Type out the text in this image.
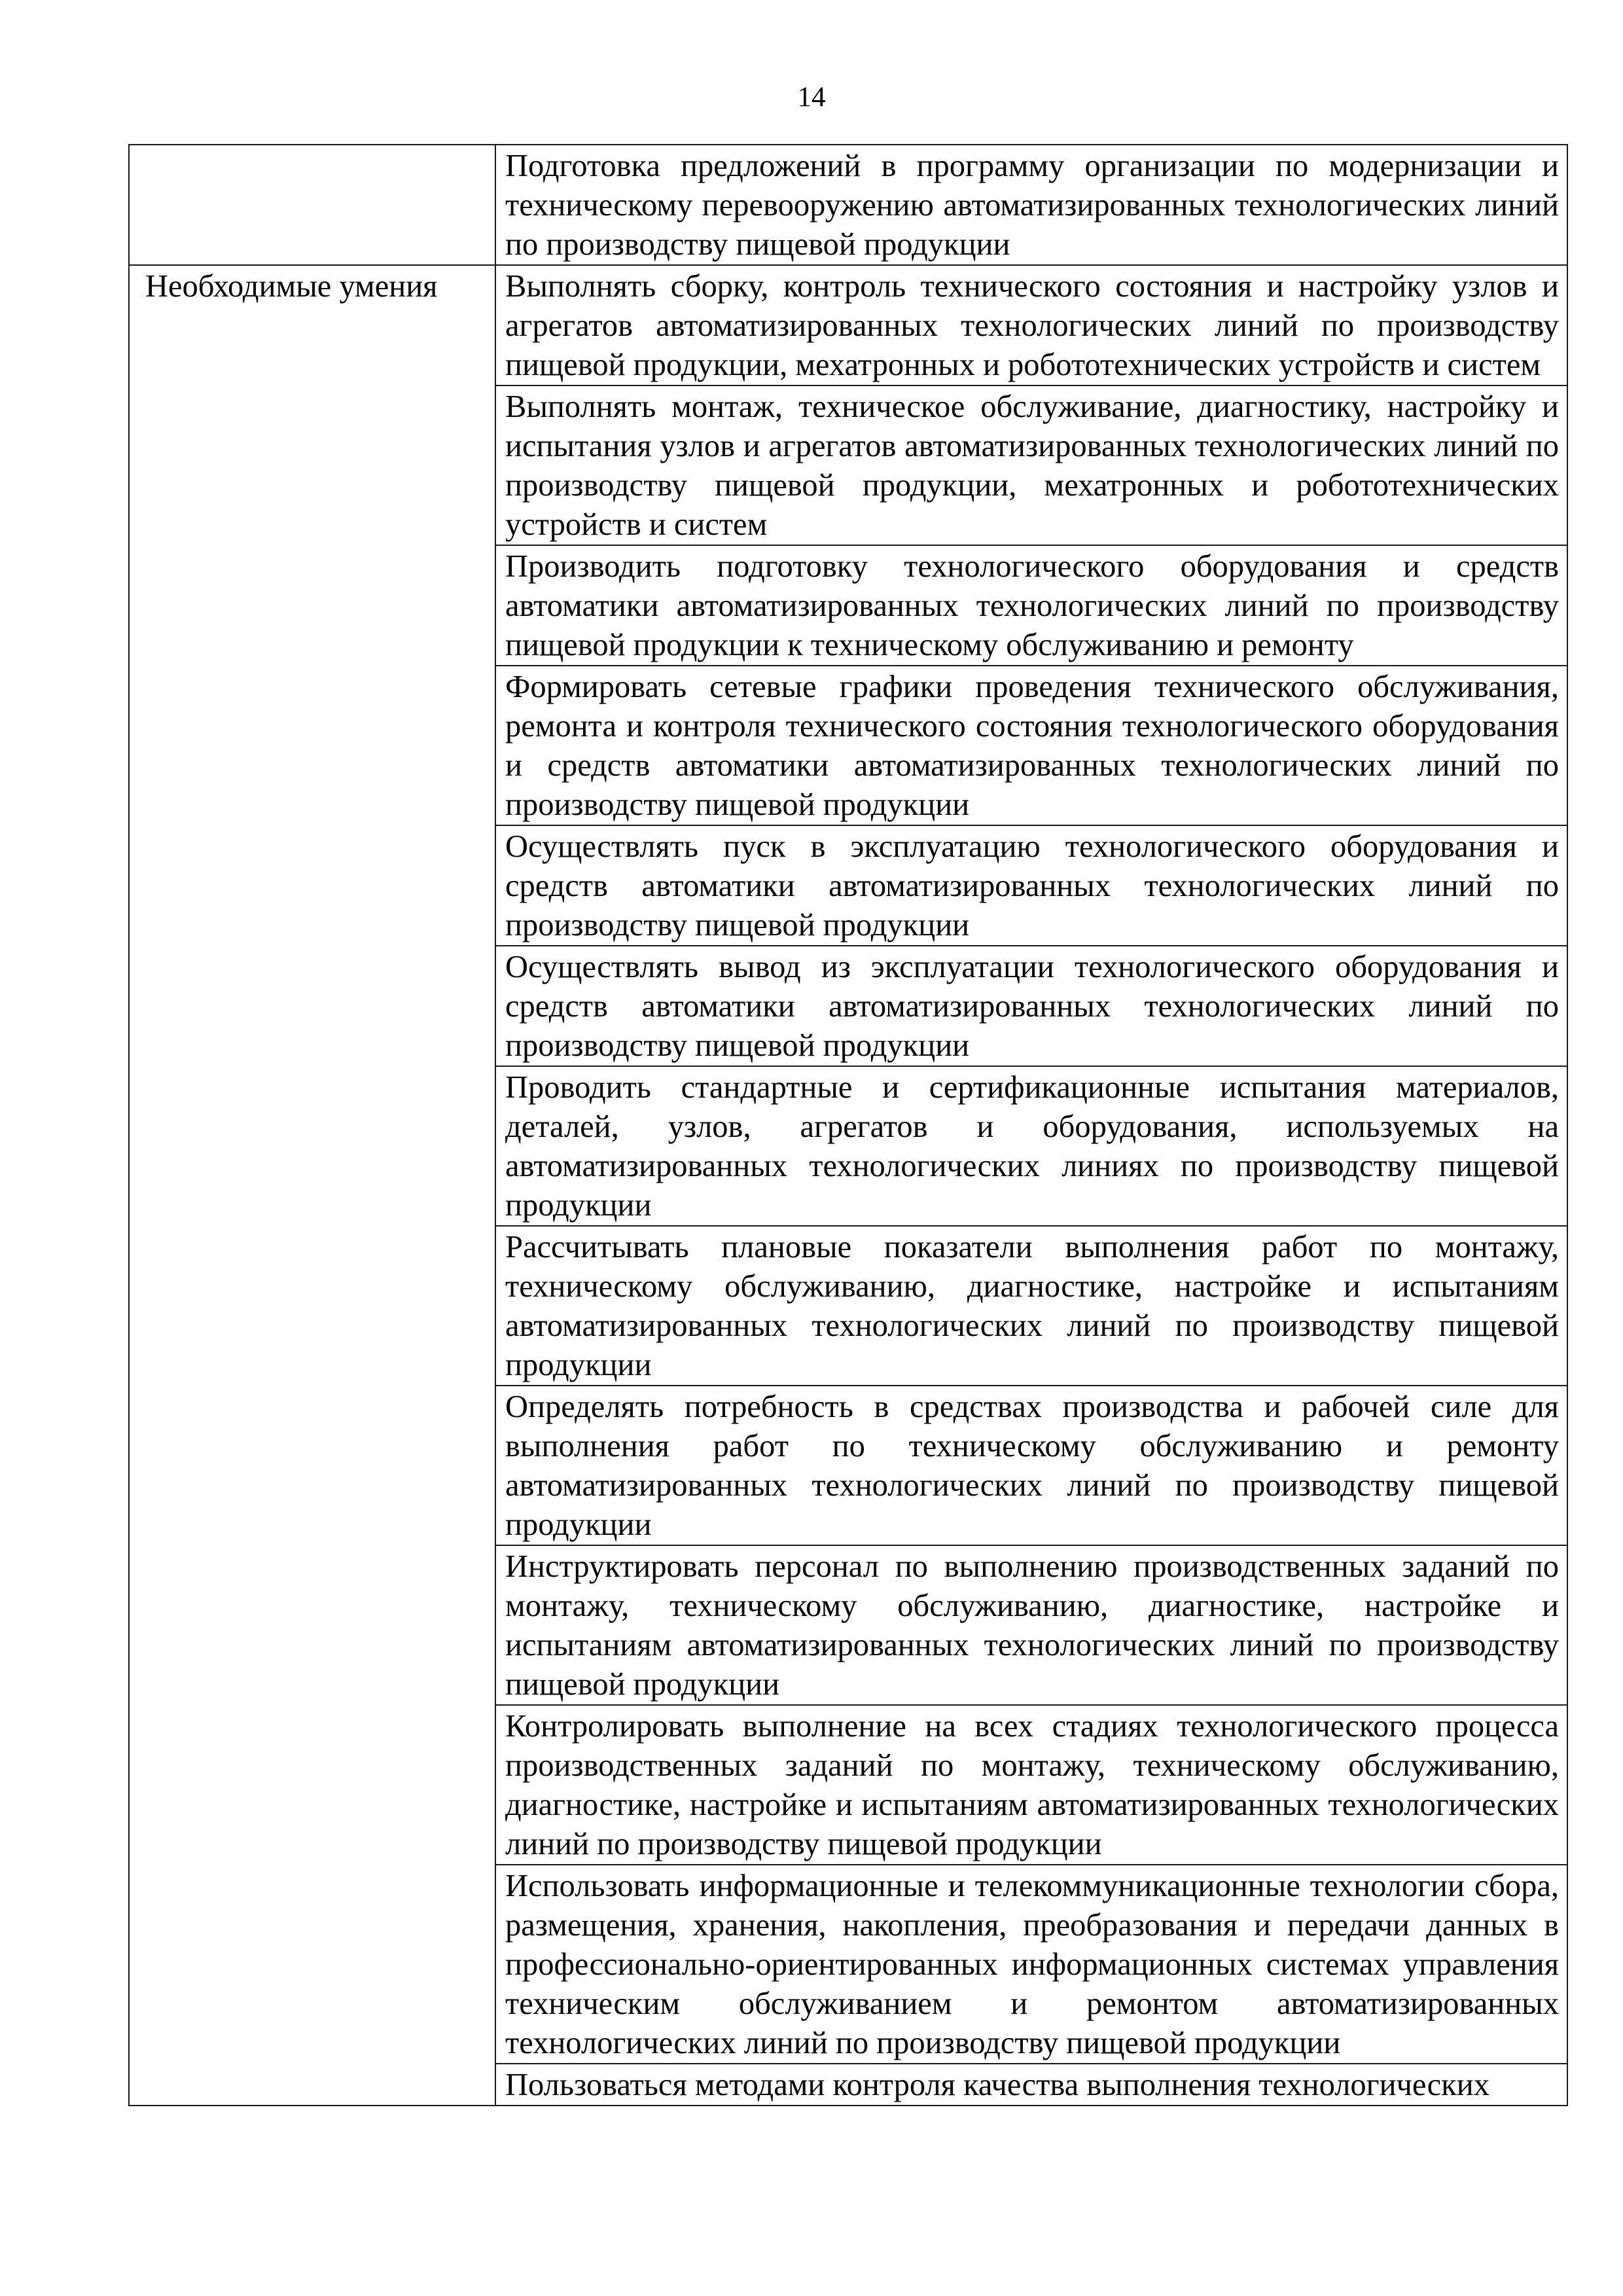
14
	Подготовка предложений в программу организации по модернизации и техническому перевооружению автоматизированных технологических линий по производству пищевой продукции
Необходимые умения	Выполнять сборку, контроль технического состояния и настройку узлов и агрегатов автоматизированных технологических линий по производству пищевой продукции, мехатронных и робототехнических устройств и систем
	Выполнять монтаж, техническое обслуживание, диагностику, настройку и испытания узлов и агрегатов автоматизированных технологических линий по производству пищевой продукции, мехатронных и робототехнических устройств и систем
	Производить подготовку технологического оборудования и средств автоматики автоматизированных технологических линий по производству пищевой продукции к техническому обслуживанию и ремонту
	Формировать сетевые графики проведения технического обслуживания, ремонта и контроля технического состояния технологического оборудования и средств автоматики автоматизированных технологических линий по производству пищевой продукции
	Осуществлять пуск в эксплуатацию технологического оборудования и средств автоматики автоматизированных технологических линий по производству пищевой продукции
	Осуществлять вывод из эксплуатации технологического оборудования и средств автоматики автоматизированных технологических линий по производству пищевой продукции
	Проводить стандартные и сертификационные испытания материалов, деталей, узлов, агрегатов и оборудования, используемых на автоматизированных технологических линиях по производству пищевой продукции
	Рассчитывать плановые показатели выполнения работ по монтажу, техническому обслуживанию, диагностике, настройке и испытаниям автоматизированных технологических линий по производству пищевой продукции
	Определять потребность в средствах производства и рабочей силе для выполнения работ по техническому обслуживанию и ремонту автоматизированных технологических линий по производству пищевой продукции
	Инструктировать персонал по выполнению производственных заданий по монтажу, техническому обслуживанию, диагностике, настройке и испытаниям автоматизированных технологических линий по производству пищевой продукции
	Контролировать выполнение на всех стадиях технологического процесса производственных заданий по монтажу, техническому обслуживанию, диагностике, настройке и испытаниям автоматизированных технологических линий по производству пищевой продукции
	Использовать информационные и телекоммуникационные технологии сбора, размещения, хранения, накопления, преобразования и передачи данных в профессионально-ориентированных информационных системах управления техническим обслуживанием и ремонтом автоматизированных технологических линий по производству пищевой продукции
	Пользоваться методами контроля качества выполнения технологических
